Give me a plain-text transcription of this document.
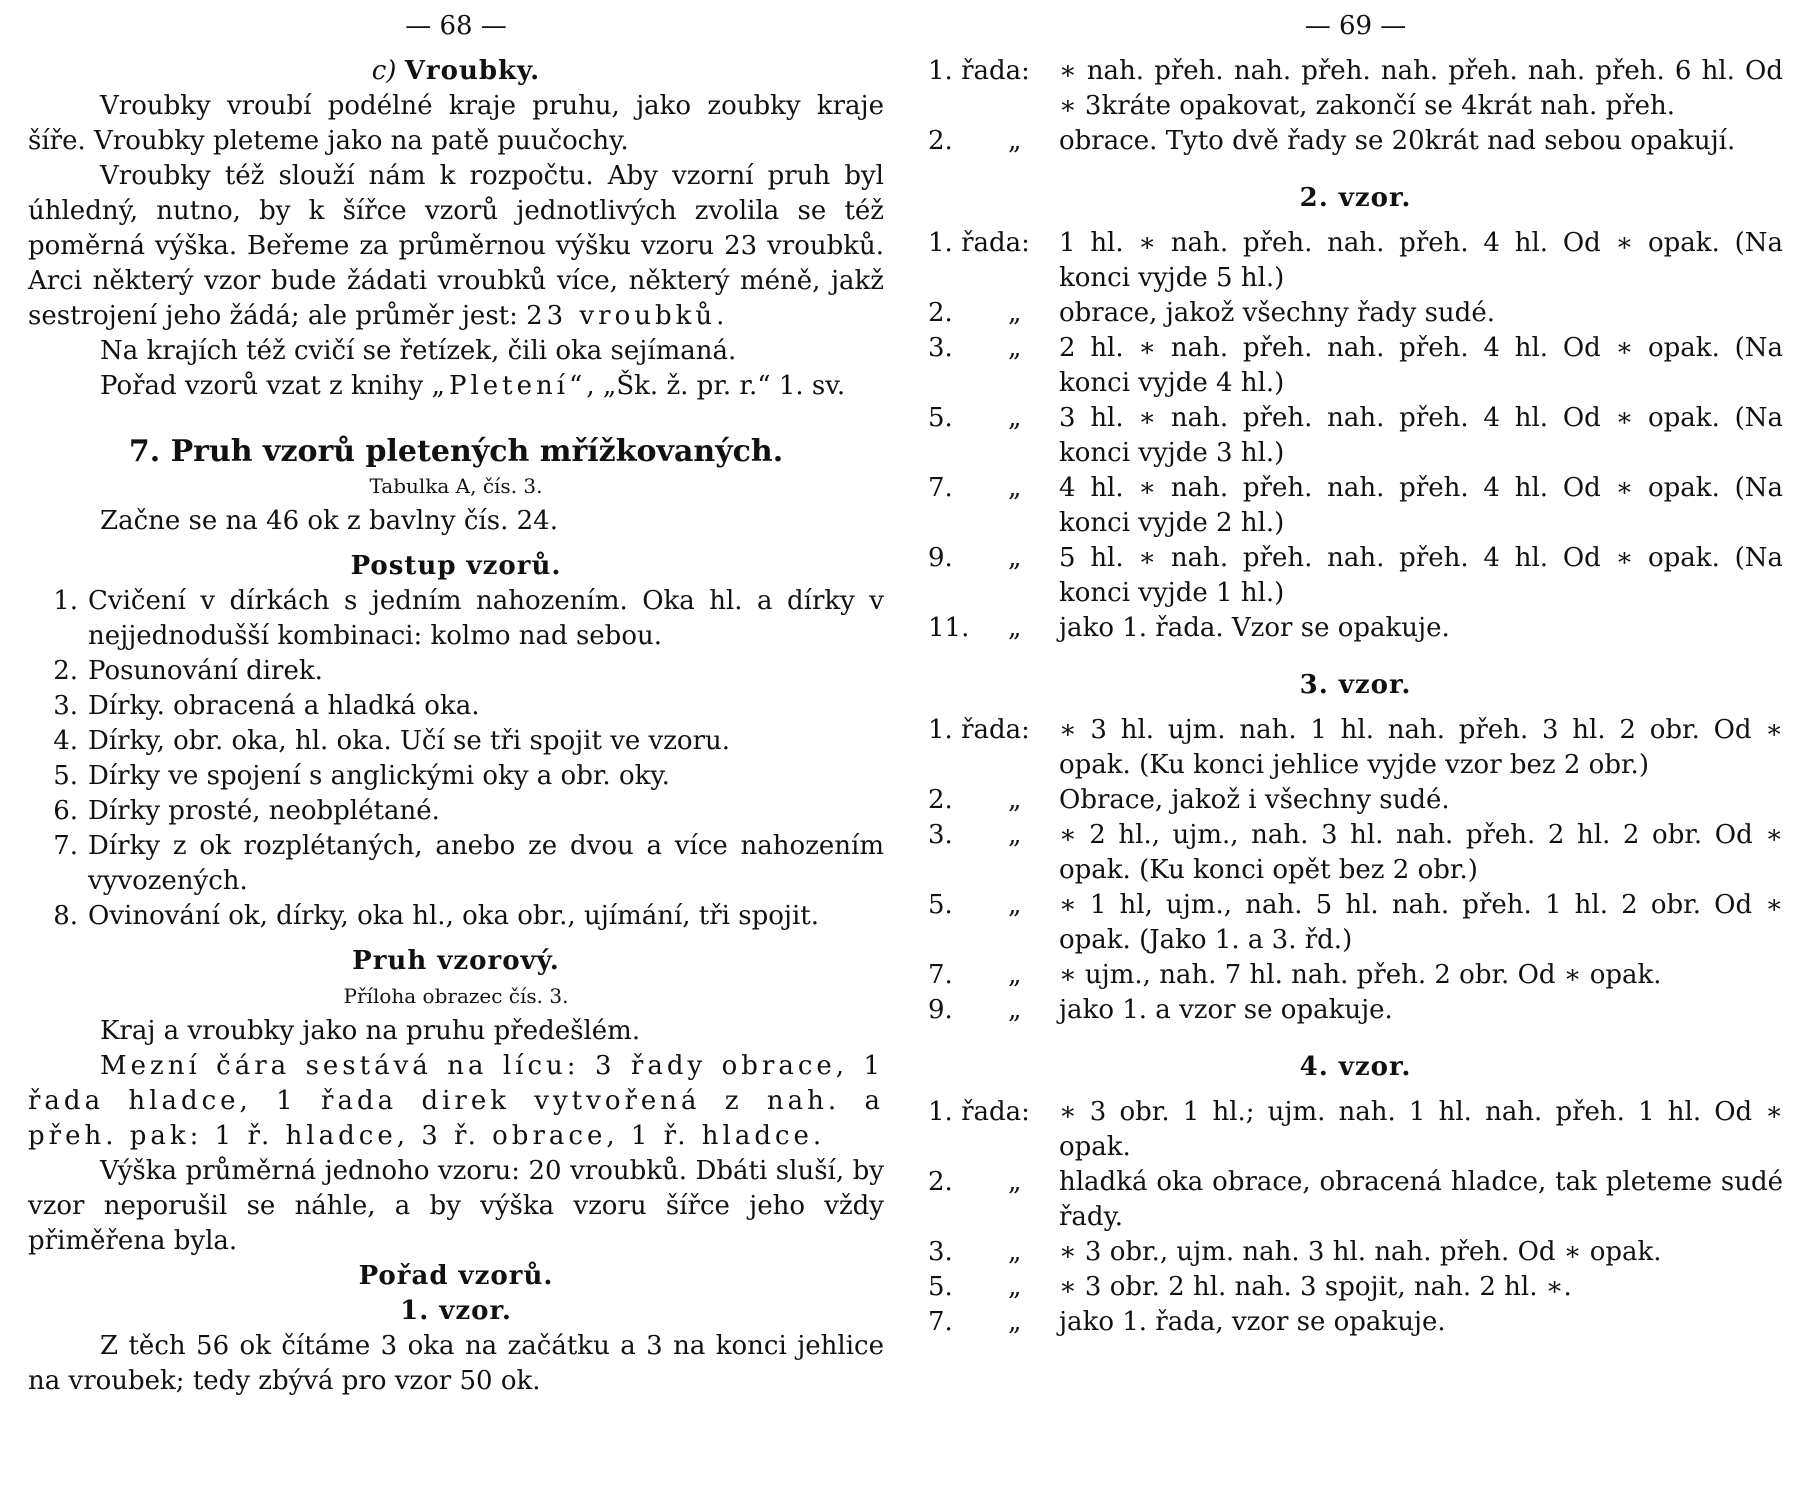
— 68 —

c) Vroubky.

Vroubky vroubí podélné kraje pruhu, jako zoubky kraje šíře. Vroubky pleteme jako na patě puučochy.

Vroubky též slouží nám k rozpočtu. Aby vzorní pruh byl úhledný, nutno, by k šířce vzorů jednotlivých zvolila se též poměrná výška. Beřeme za průměrnou výšku vzoru 23 vroubků. Arci některý vzor bude žádati vroubků více, některý méně, jakž sestrojení jeho žádá; ale průměr jest: 23 vroubků.

Na krajích též cvičí se řetízek, čili oka sejímaná.

Pořad vzorů vzat z knihy „Pletení“, „Šk. ž. pr. r.“ 1. sv.

7. Pruh vzorů pletených mřížkovaných.

Tabulka A, čís. 3.

Začne se na 46 ok z bavlny čís. 24.

Postup vzorů.

1. Cvičení v dírkách s jedním nahozením. Oka hl. a dírky v nejjednodušší kombinaci: kolmo nad sebou.
2. Posunování direk.
3. Dírky. obracená a hladká oka.
4. Dírky, obr. oka, hl. oka. Učí se tři spojit ve vzoru.
5. Dírky ve spojení s anglickými oky a obr. oky.
6. Dírky prosté, neobplétané.
7. Dírky z ok rozplétaných, anebo ze dvou a více nahozením vyvozených.
8. Ovinování ok, dírky, oka hl., oka obr., ujímání, tři spojit.

Pruh vzorový.

Příloha obrazec čís. 3.

Kraj a vroubky jako na pruhu předešlém.

Mezní čára sestává na lícu: 3 řady obrace, 1 řada hladce, 1 řada direk vytvořená z nah. a přeh. pak: 1 ř. hladce, 3 ř. obrace, 1 ř. hladce.

Výška průměrná jednoho vzoru: 20 vroubků. Dbáti sluší, by vzor neporušil se náhle, a by výška vzoru šířce jeho vždy přiměřena byla.

Pořad vzorů.

1. vzor.

Z těch 56 ok čítáme 3 oka na začátku a 3 na konci jehlice na vroubek; tedy zbývá pro vzor 50 ok.

— 69 —
1. řada:	∗ nah. přeh. nah. přeh. nah. přeh. nah. přeh. 6 hl. Od ∗ 3kráte opakovat, zakončí se 4krát nah. přeh.
2. „	obrace. Tyto dvě řady se 20krát nad sebou opakují.

2. vzor.

1. řada:	1 hl. ∗ nah. přeh. nah. přeh. 4 hl. Od ∗ opak. (Na konci vyjde 5 hl.)
2. „	obrace, jakož všechny řady sudé.
3. „	2 hl. ∗ nah. přeh. nah. přeh. 4 hl. Od ∗ opak. (Na konci vyjde 4 hl.)
5. „	3 hl. ∗ nah. přeh. nah. přeh. 4 hl. Od ∗ opak. (Na konci vyjde 3 hl.)
7. „	4 hl. ∗ nah. přeh. nah. přeh. 4 hl. Od ∗ opak. (Na konci vyjde 2 hl.)
9. „	5 hl. ∗ nah. přeh. nah. přeh. 4 hl. Od ∗ opak. (Na konci vyjde 1 hl.)
11. „	jako 1. řada. Vzor se opakuje.

3. vzor.

1. řada:	∗ 3 hl. ujm. nah. 1 hl. nah. přeh. 3 hl. 2 obr. Od ∗ opak. (Ku konci jehlice vyjde vzor bez 2 obr.)
2. „	Obrace, jakož i všechny sudé.
3. „	∗ 2 hl., ujm., nah. 3 hl. nah. přeh. 2 hl. 2 obr. Od ∗ opak. (Ku konci opět bez 2 obr.)
5. „	∗ 1 hl, ujm., nah. 5 hl. nah. přeh. 1 hl. 2 obr. Od ∗ opak. (Jako 1. a 3. řd.)
7. „	∗ ujm., nah. 7 hl. nah. přeh. 2 obr. Od ∗ opak.
9. „	jako 1. a vzor se opakuje.

4. vzor.

1. řada:	∗ 3 obr. 1 hl.; ujm. nah. 1 hl. nah. přeh. 1 hl. Od ∗ opak.
2. „	hladká oka obrace, obracená hladce, tak pleteme sudé řady.
3. „	∗ 3 obr., ujm. nah. 3 hl. nah. přeh. Od ∗ opak.
5. „	∗ 3 obr. 2 hl. nah. 3 spojit, nah. 2 hl. ∗.
7. „	jako 1. řada, vzor se opakuje.
